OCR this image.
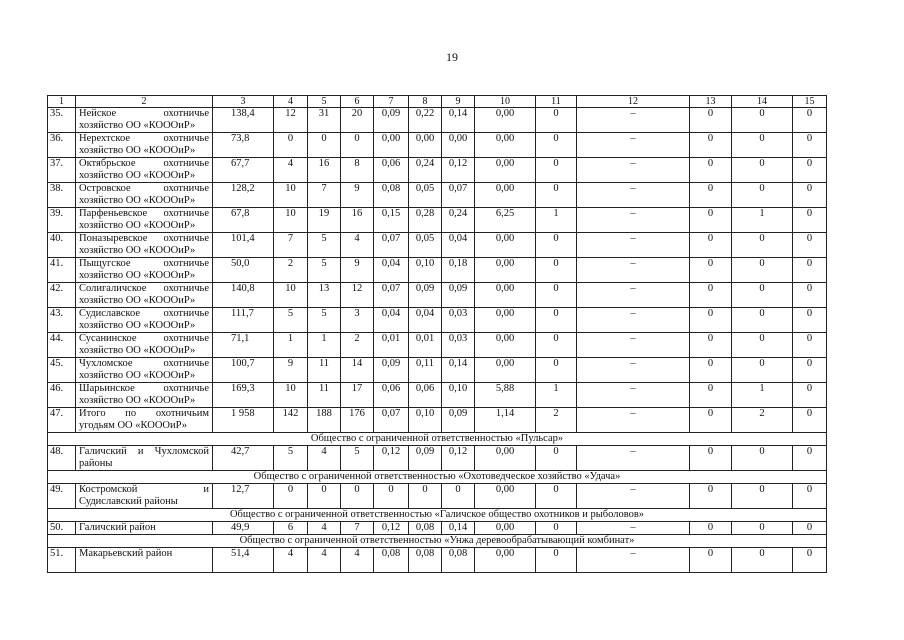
19
1	2	3	4	5	6	7	8	9	10	11	12	13	14	15
35.	Нейское охотничье хозяйство ОО «КОООиР»	138,4	12	31	20	0,09	0,22	0,14	0,00	0	–	0	0	0
36.	Нерехтское охотничье хозяйство ОО «КОООиР»	73,8	0	0	0	0,00	0,00	0,00	0,00	0	–	0	0	0
37.	Октябрьское охотничье хозяйство ОО «КОООиР»	67,7	4	16	8	0,06	0,24	0,12	0,00	0	–	0	0	0
38.	Островское охотничье хозяйство ОО «КОООиР»	128,2	10	7	9	0,08	0,05	0,07	0,00	0	–	0	0	0
39.	Парфеньевское охотничье хозяйство ОО «КОООиР»	67,8	10	19	16	0,15	0,28	0,24	6,25	1	–	0	1	0
40.	Поназыревское охотничье хозяйство ОО «КОООиР»	101,4	7	5	4	0,07	0,05	0,04	0,00	0	–	0	0	0
41.	Пыщугское охотничье хозяйство ОО «КОООиР»	50,0	2	5	9	0,04	0,10	0,18	0,00	0	–	0	0	0
42.	Солигаличское охотничье хозяйство ОО «КОООиР»	140,8	10	13	12	0,07	0,09	0,09	0,00	0	–	0	0	0
43.	Судиславское охотничье хозяйство ОО «КОООиР»	111,7	5	5	3	0,04	0,04	0,03	0,00	0	–	0	0	0
44.	Сусанинское охотничье хозяйство ОО «КОООиР»	71,1	1	1	2	0,01	0,01	0,03	0,00	0	–	0	0	0
45.	Чухломское охотничье хозяйство ОО «КОООиР»	100,7	9	11	14	0,09	0,11	0,14	0,00	0	–	0	0	0
46.	Шарьинское охотничье хозяйство ОО «КОООиР»	169,3	10	11	17	0,06	0,06	0,10	5,88	1	–	0	1	0
47.	Итого по охотничьим угодьям ОО «КОООиР»	1 958	142	188	176	0,07	0,10	0,09	1,14	2	–	0	2	0
Общество с ограниченной ответственностью «Пульсар»														
48.	Галичский и Чухломской районы	42,7	5	4	5	0,12	0,09	0,12	0,00	0	–	0	0	0
Общество с ограниченной ответственностью «Охотоведческое хозяйство «Удача»														
49.	Костромской и Судиславский районы	12,7	0	0	0	0	0	0	0,00	0	–	0	0	0
Общество с ограниченной ответственностью «Галичское общество охотников и рыболовов»														
50.	Галичский район	49,9	6	4	7	0,12	0,08	0,14	0,00	0	–	0	0	0
Общество с ограниченной ответственностью «Унжа деревообрабатывающий комбинат»														
51.	Макарьевский район	51,4	4	4	4	0,08	0,08	0,08	0,00	0	–	0	0	0
